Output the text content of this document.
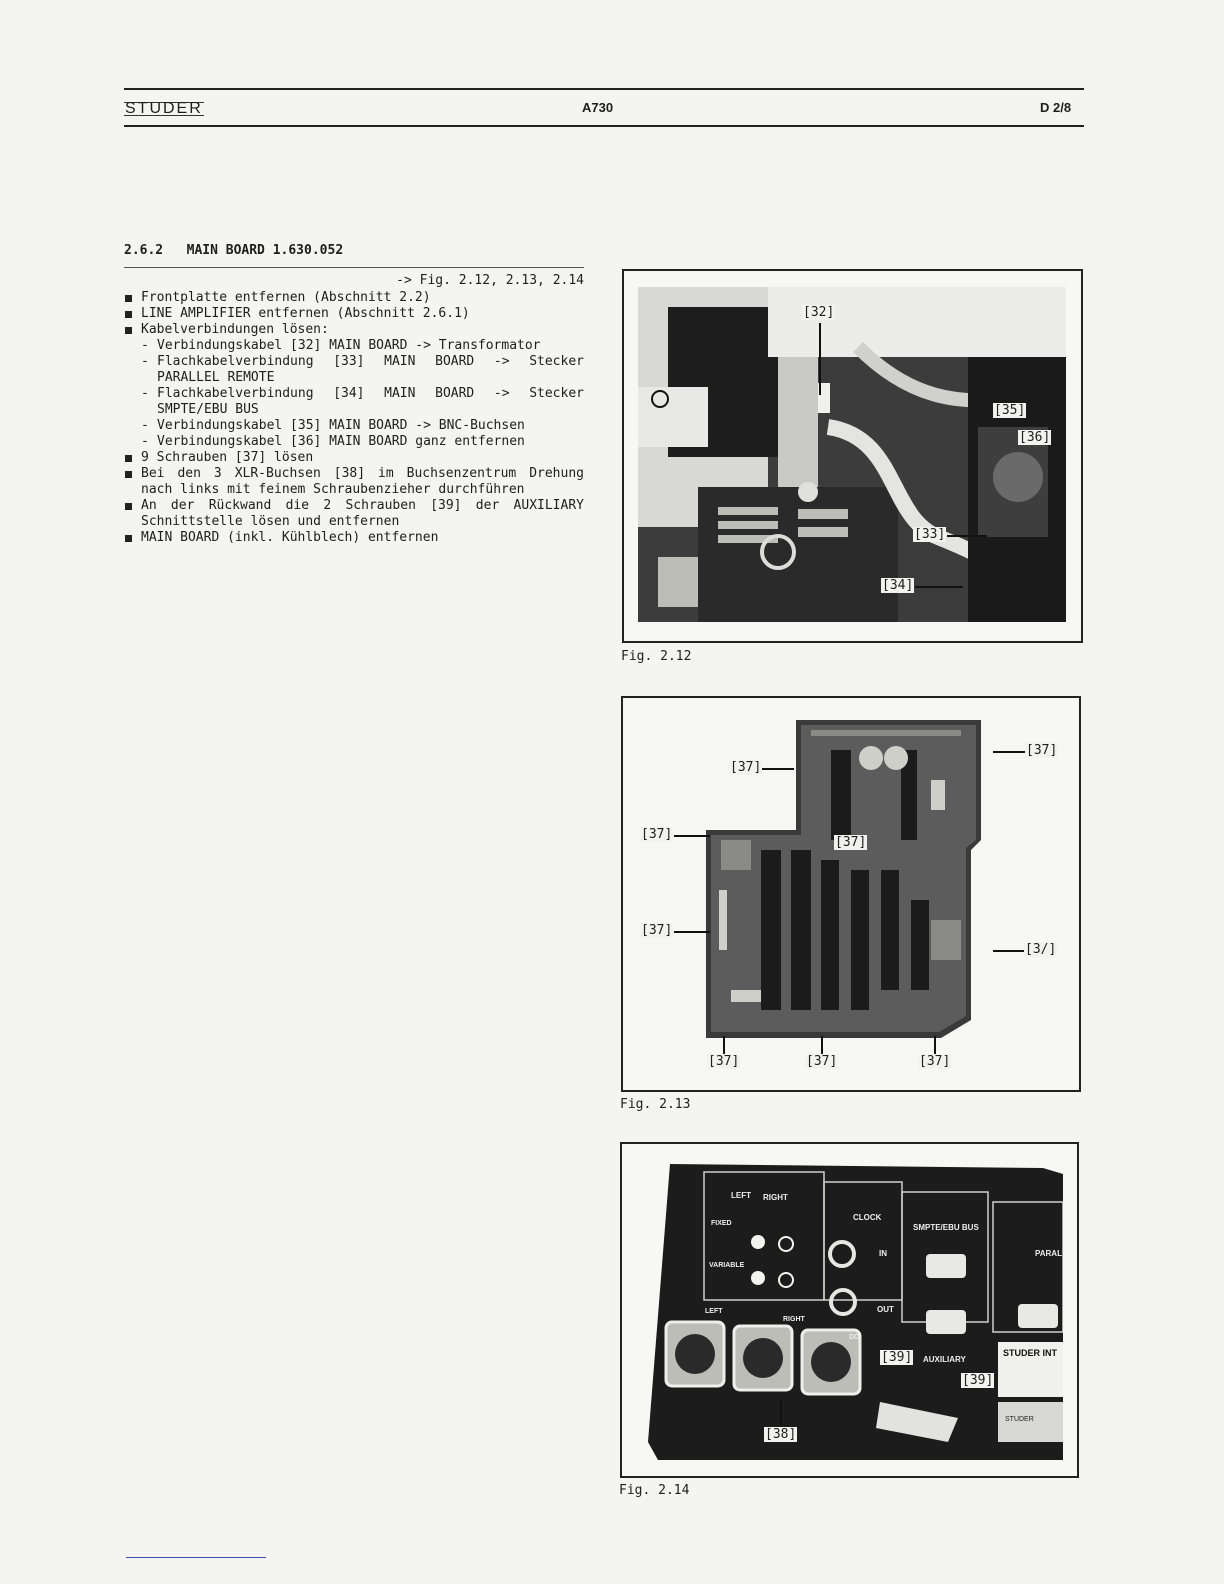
STUDER	A730	D 2/8
2.6.2   MAIN BOARD 1.630.052
-> Fig. 2.12, 2.13, 2.14
Frontplatte entfernen (Abschnitt 2.2)
LINE AMPLIFIER entfernen (Abschnitt 2.6.1)
Kabelverbindungen lösen:
- Verbindungskabel [32] MAIN BOARD -> Transformator
- Flachkabelverbindung [33] MAIN BOARD -> Stecker
PARALLEL REMOTE
- Flachkabelverbindung [34] MAIN BOARD -> Stecker
SMPTE/EBU BUS
- Verbindungskabel [35] MAIN BOARD -> BNC-Buchsen
- Verbindungskabel [36] MAIN BOARD ganz entfernen
9 Schrauben [37] lösen
Bei den 3 XLR-Buchsen [38] im Buchsenzentrum Drehung
nach links mit feinem Schraubenzieher durchführen
An der Rückwand die 2 Schrauben [39] der AUXILIARY
Schnittstelle lösen und entfernen
MAIN BOARD (inkl. Kühlblech) entfernen
[32]
[35]
[36]
[33]
[34]
Fig. 2.12
[37]
[37]
[37]
[37]
[37]
[3/]
[37]	[37]	[37]
Fig. 2.13
LEFT RIGHT
FIXED
VARIABLE
LEFT
RIGHT
DO
CLOCK
IN
OUT
SMPTE/EBU BUS
AUXILIARY
PARAL
STUDER INT
STUDER
[39]
[39]
[38]
Fig. 2.14
